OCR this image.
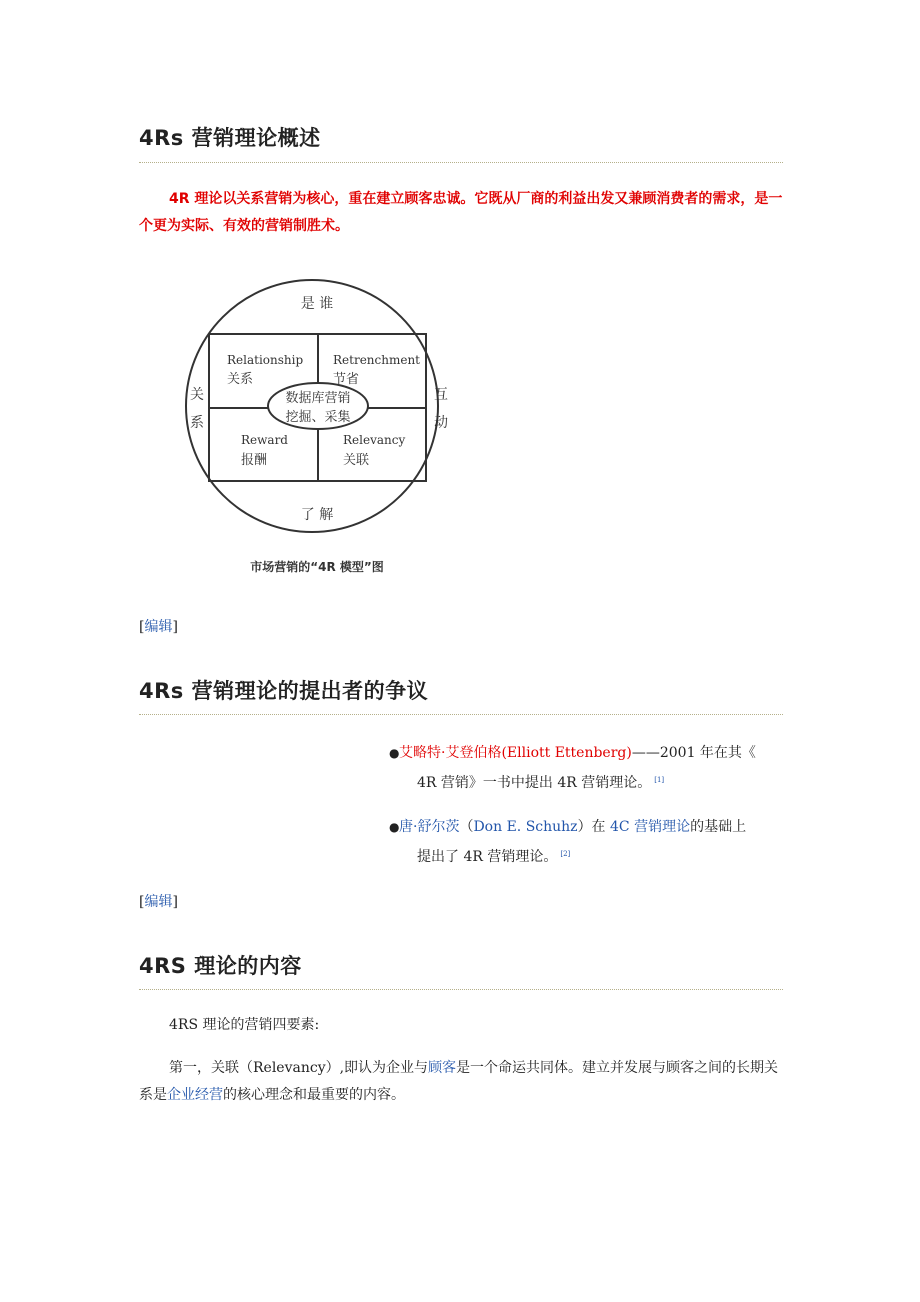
4Rs 营销理论概述
4R 理论以关系营销为核心，重在建立顾客忠诚。它既从厂商的利益出发又兼顾消费者的需求，是一个更为实际、有效的营销制胜术。
是 谁
了 解
关
系
互
动
Relationship
关系
Retrenchment
节省
Reward
报酬
Relevancy
关联
数据库营销
挖掘、采集
市场营销的“4R 模型”图
[编辑]
4Rs 营销理论的提出者的争议
●艾略特·艾登伯格(Elliott Ettenberg)——2001 年在其《
4R 营销》一书中提出 4R 营销理论。 [1]
●唐·舒尔茨（Don E. Schuhz）在 4C 营销理论的基础上
提出了 4R 营销理论。 [2]
[编辑]
4RS 理论的内容
4RS 理论的营销四要素:
第一，关联（Relevancy）,即认为企业与顾客是一个命运共同体。建立并发展与顾客之间的长期关系是企业经营的核心理念和最重要的内容。
